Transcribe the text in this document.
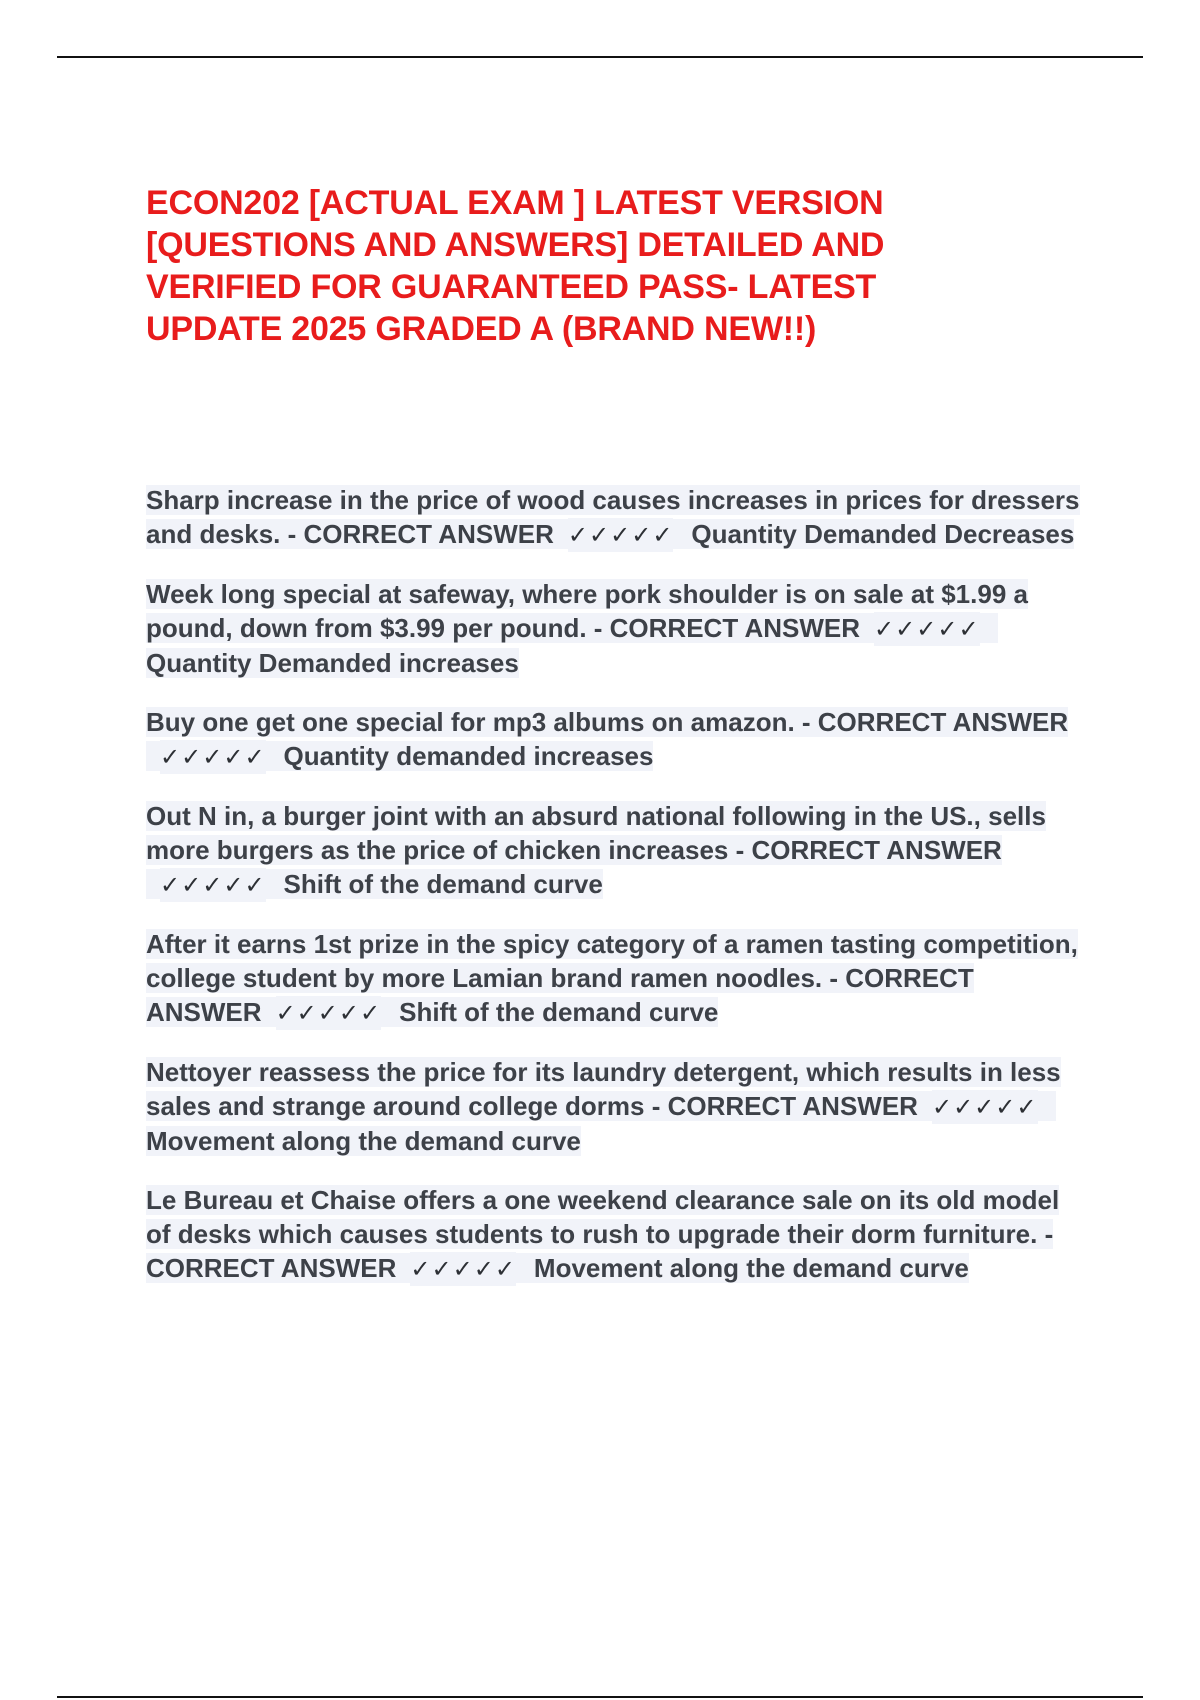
ECON202 [ACTUAL EXAM ] LATEST VERSION [QUESTIONS AND ANSWERS] DETAILED AND VERIFIED FOR GUARANTEED PASS- LATEST UPDATE 2025 GRADED A (BRAND NEW!!)
Sharp increase in the price of wood causes increases in prices for dressers and desks. - CORRECT ANSWER ✓✓✓✓✓ Quantity Demanded Decreases
Week long special at safeway, where pork shoulder is on sale at $1.99 a pound, down from $3.99 per pound. - CORRECT ANSWER ✓✓✓✓✓Quantity Demanded increases
Buy one get one special for mp3 albums on amazon. - CORRECT ANSWER✓✓✓✓✓ Quantity demanded increases
Out N in, a burger joint with an absurd national following in the US., sells more burgers as the price of chicken increases - CORRECT ANSWER✓✓✓✓✓ Shift of the demand curve
After it earns 1st prize in the spicy category of a ramen tasting competition, college student by more Lamian brand ramen noodles. - CORRECT ANSWER ✓✓✓✓✓ Shift of the demand curve
Nettoyer reassess the price for its laundry detergent, which results in less sales and strange around college dorms - CORRECT ANSWER ✓✓✓✓✓Movement along the demand curve
Le Bureau et Chaise offers a one weekend clearance sale on its old model of desks which causes students to rush to upgrade their dorm furniture. - CORRECT ANSWER ✓✓✓✓✓ Movement along the demand curve
